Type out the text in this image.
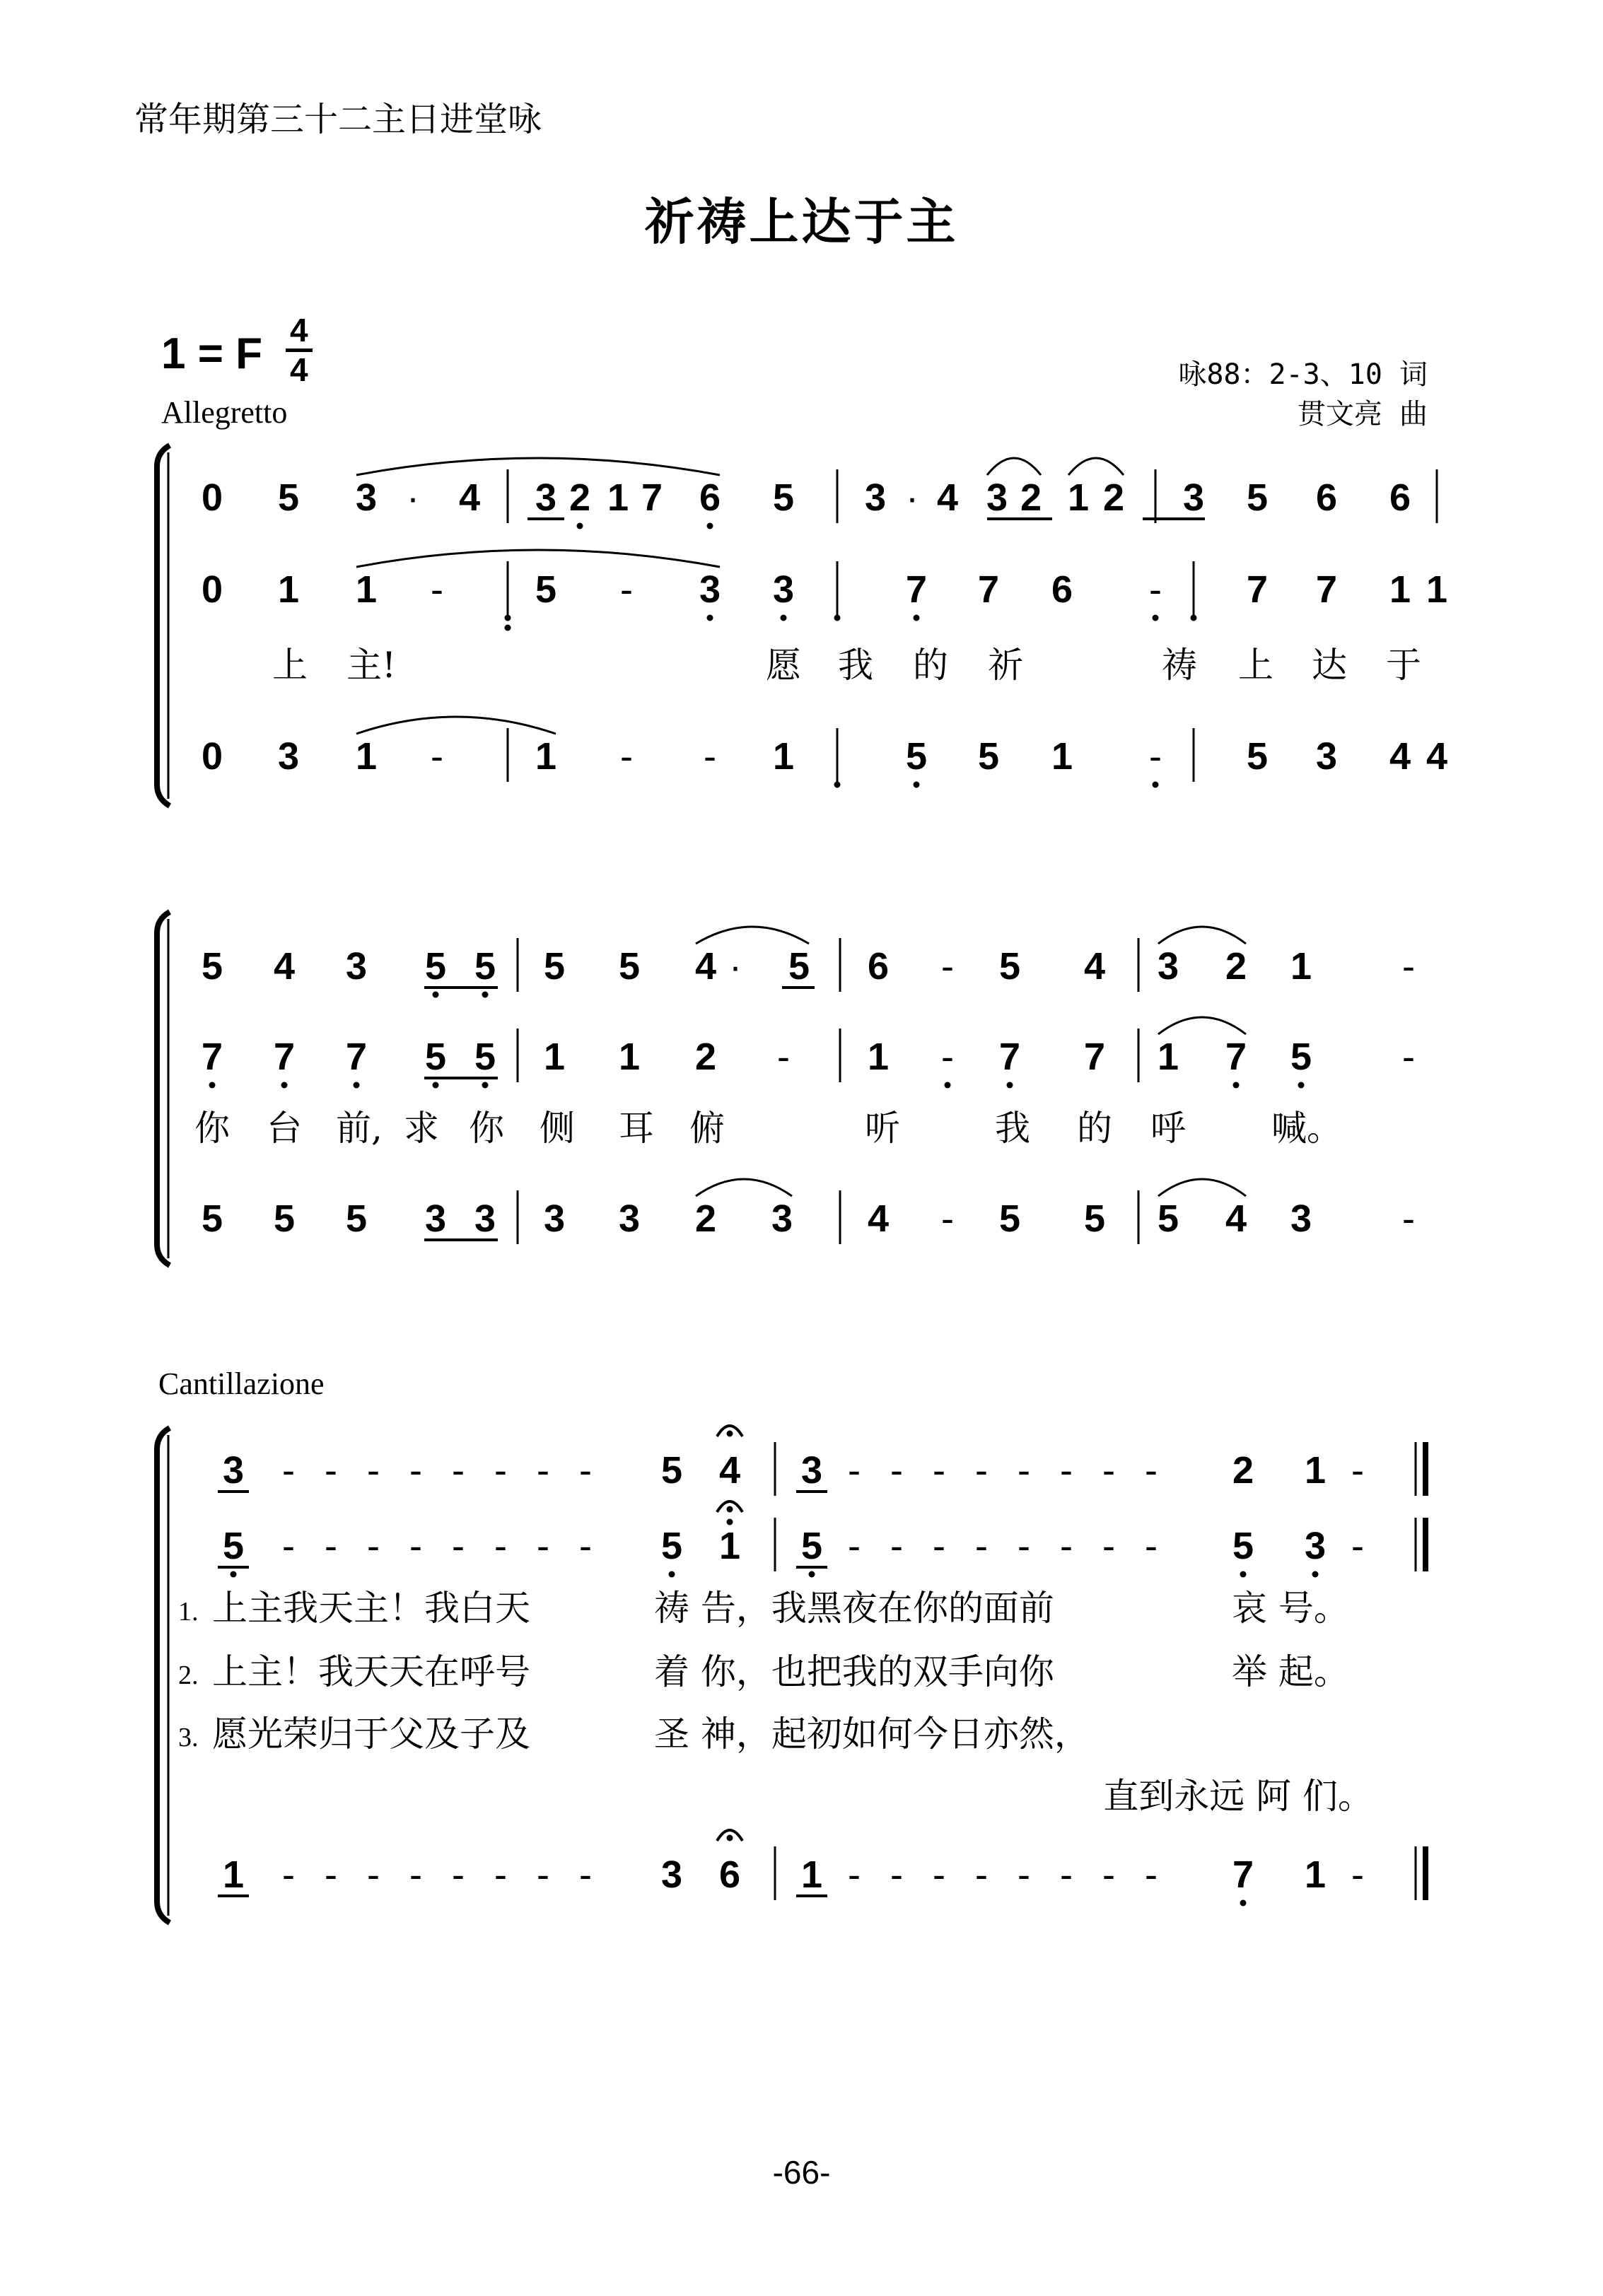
常年期第三十二主日进堂咏
祈祷上达于主
1 = F 4
4
Allegretto
咏88：2-3、10 词
贯文亮 曲
Cantillazione
-66-
0 5 3 · 4 3 2 1 7 6 5 3 · 4 3 2 1 2 3 5 6 6
0 1 1 - 5 - 3 3	7 7 6 - 7 7 1 1
上 主!	愿 我 的 祈	祷 上 达 于
0 3 1 - 1 - - 1	5 5 1 - 5 3 4 4
5 4 3 5 5 5 5 4 · 5 6 - 5 4 3 2 1 -
7 7 7 5 5 1 1 2 - 1 - 7 7 1 7 5 -
你 台 前, 求 你 侧 耳 俯	听	我 的 呼 喊。
5 5 5 3 3 3 3 2 3 4 - 5 5 5 4 3 -
3 - - - - - - - - 5 4 3 - - - - - - - - 2 1 -
5 - - - - - - - - 5 1 5 - - - - - - - - 5 3 -
1. 上主我天主！我白天	祷 告，我黑夜在你的面前	哀 号。
2. 上主！我天天在呼号	着 你，也把我的双手向你	举 起。
3. 愿光荣归于父及子及	圣 神，起初如何今日亦然，
直到永远 阿 们。
1 - - - - - - - - 3 6 1 - - - - - - - - 7 1 -
